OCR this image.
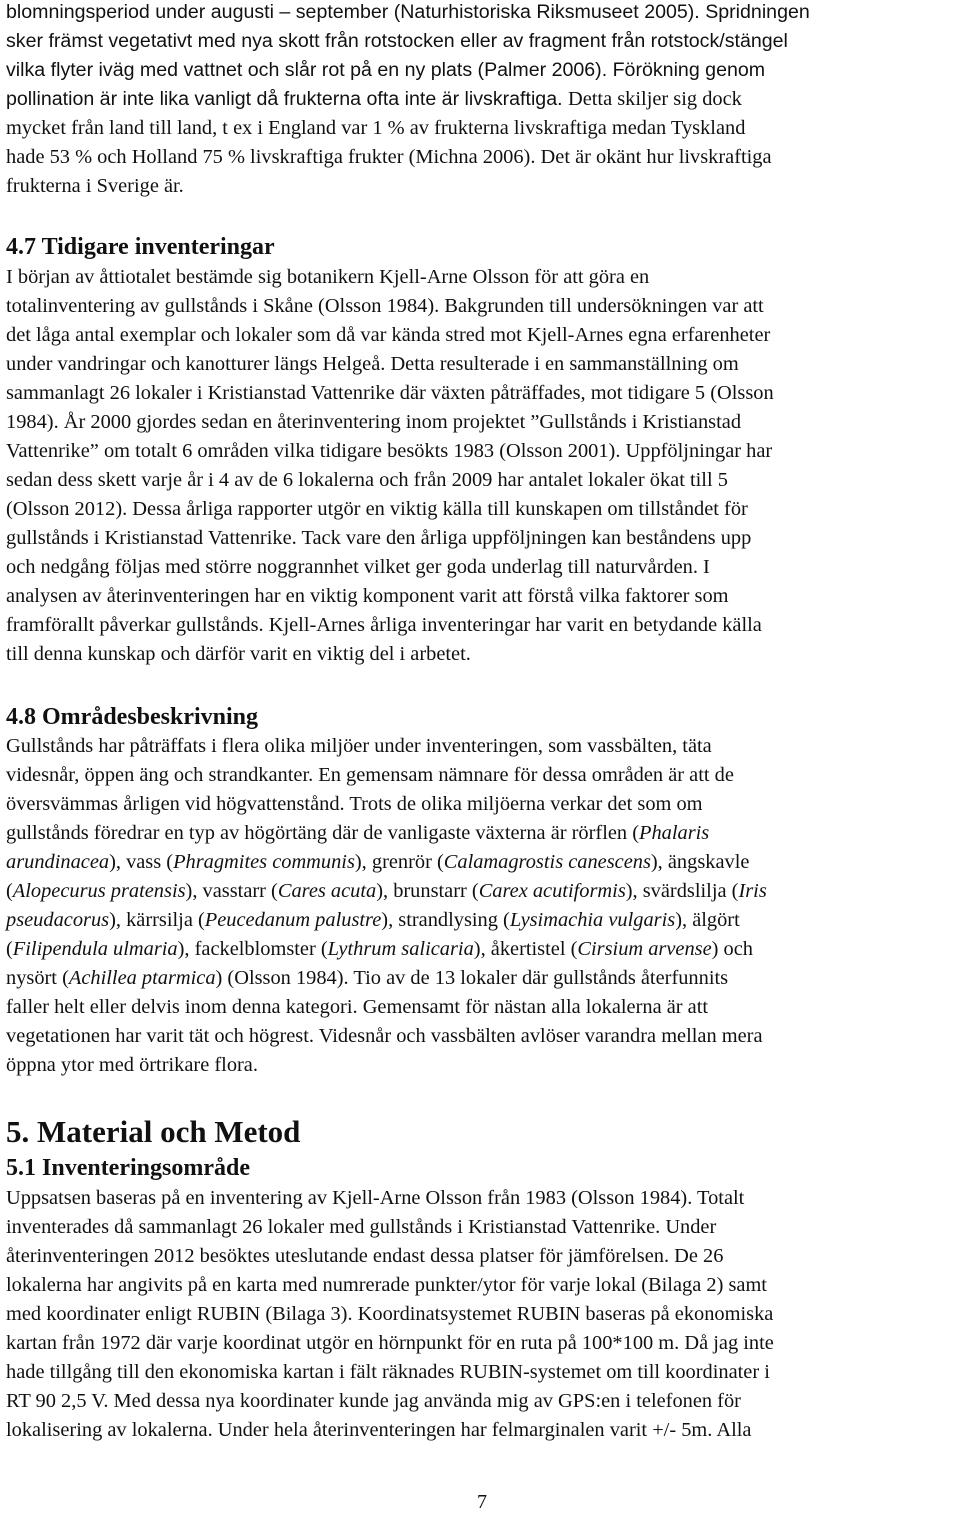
blomningsperiod under augusti – september (Naturhistoriska Riksmuseet 2005). Spridningen
sker främst vegetativt med nya skott från rotstocken eller av fragment från rotstock/stängel
vilka flyter iväg med vattnet och slår rot på en ny plats (Palmer 2006). Förökning genom
pollination är inte lika vanligt då frukterna ofta inte är livskraftiga. Detta skiljer sig dock
mycket från land till land, t ex i England var 1 % av frukterna livskraftiga medan Tyskland
hade 53 % och Holland 75 % livskraftiga frukter (Michna 2006). Det är okänt hur livskraftiga
frukterna i Sverige är.
4.7 Tidigare inventeringar
I början av åttiotalet bestämde sig botanikern Kjell-Arne Olsson för att göra en
totalinventering av gullstånds i Skåne (Olsson 1984). Bakgrunden till undersökningen var att
det låga antal exemplar och lokaler som då var kända stred mot Kjell-Arnes egna erfarenheter
under vandringar och kanotturer längs Helgeå. Detta resulterade i en sammanställning om
sammanlagt 26 lokaler i Kristianstad Vattenrike där växten påträffades, mot tidigare 5 (Olsson
1984). År 2000 gjordes sedan en återinventering inom projektet ”Gullstånds i Kristianstad
Vattenrike” om totalt 6 områden vilka tidigare besökts 1983 (Olsson 2001). Uppföljningar har
sedan dess skett varje år i 4 av de 6 lokalerna och från 2009 har antalet lokaler ökat till 5
(Olsson 2012). Dessa årliga rapporter utgör en viktig källa till kunskapen om tillståndet för
gullstånds i Kristianstad Vattenrike. Tack vare den årliga uppföljningen kan beståndens upp
och nedgång följas med större noggrannhet vilket ger goda underlag till naturvården. I
analysen av återinventeringen har en viktig komponent varit att förstå vilka faktorer som
framförallt påverkar gullstånds. Kjell-Arnes årliga inventeringar har varit en betydande källa
till denna kunskap och därför varit en viktig del i arbetet.
4.8 Områdesbeskrivning
Gullstånds har påträffats i flera olika miljöer under inventeringen, som vassbälten, täta
videsnår, öppen äng och strandkanter. En gemensam nämnare för dessa områden är att de
översvämmas årligen vid högvattenstånd. Trots de olika miljöerna verkar det som om
gullstånds föredrar en typ av högörtäng där de vanligaste växterna är rörflen (Phalaris
arundinacea), vass (Phragmites communis), grenrör (Calamagrostis canescens), ängskavle
(Alopecurus pratensis), vasstarr (Cares acuta), brunstarr (Carex acutiformis), svärdslilja (Iris
pseudacorus), kärrsilja (Peucedanum palustre), strandlysing (Lysimachia vulgaris), älgört
(Filipendula ulmaria), fackelblomster (Lythrum salicaria), åkertistel (Cirsium arvense) och
nysört (Achillea ptarmica) (Olsson 1984). Tio av de 13 lokaler där gullstånds återfunnits
faller helt eller delvis inom denna kategori. Gemensamt för nästan alla lokalerna är att
vegetationen har varit tät och högrest. Videsnår och vassbälten avlöser varandra mellan mera
öppna ytor med örtrikare flora.
5. Material och Metod
5.1 Inventeringsområde
Uppsatsen baseras på en inventering av Kjell-Arne Olsson från 1983 (Olsson 1984). Totalt
inventerades då sammanlagt 26 lokaler med gullstånds i Kristianstad Vattenrike. Under
återinventeringen 2012 besöktes uteslutande endast dessa platser för jämförelsen. De 26
lokalerna har angivits på en karta med numrerade punkter/ytor för varje lokal (Bilaga 2) samt
med koordinater enligt RUBIN (Bilaga 3). Koordinatsystemet RUBIN baseras på ekonomiska
kartan från 1972 där varje koordinat utgör en hörnpunkt för en ruta på 100*100 m. Då jag inte
hade tillgång till den ekonomiska kartan i fält räknades RUBIN-systemet om till koordinater i
RT 90 2,5 V. Med dessa nya koordinater kunde jag använda mig av GPS:en i telefonen för
lokalisering av lokalerna. Under hela återinventeringen har felmarginalen varit +/- 5m. Alla
7
